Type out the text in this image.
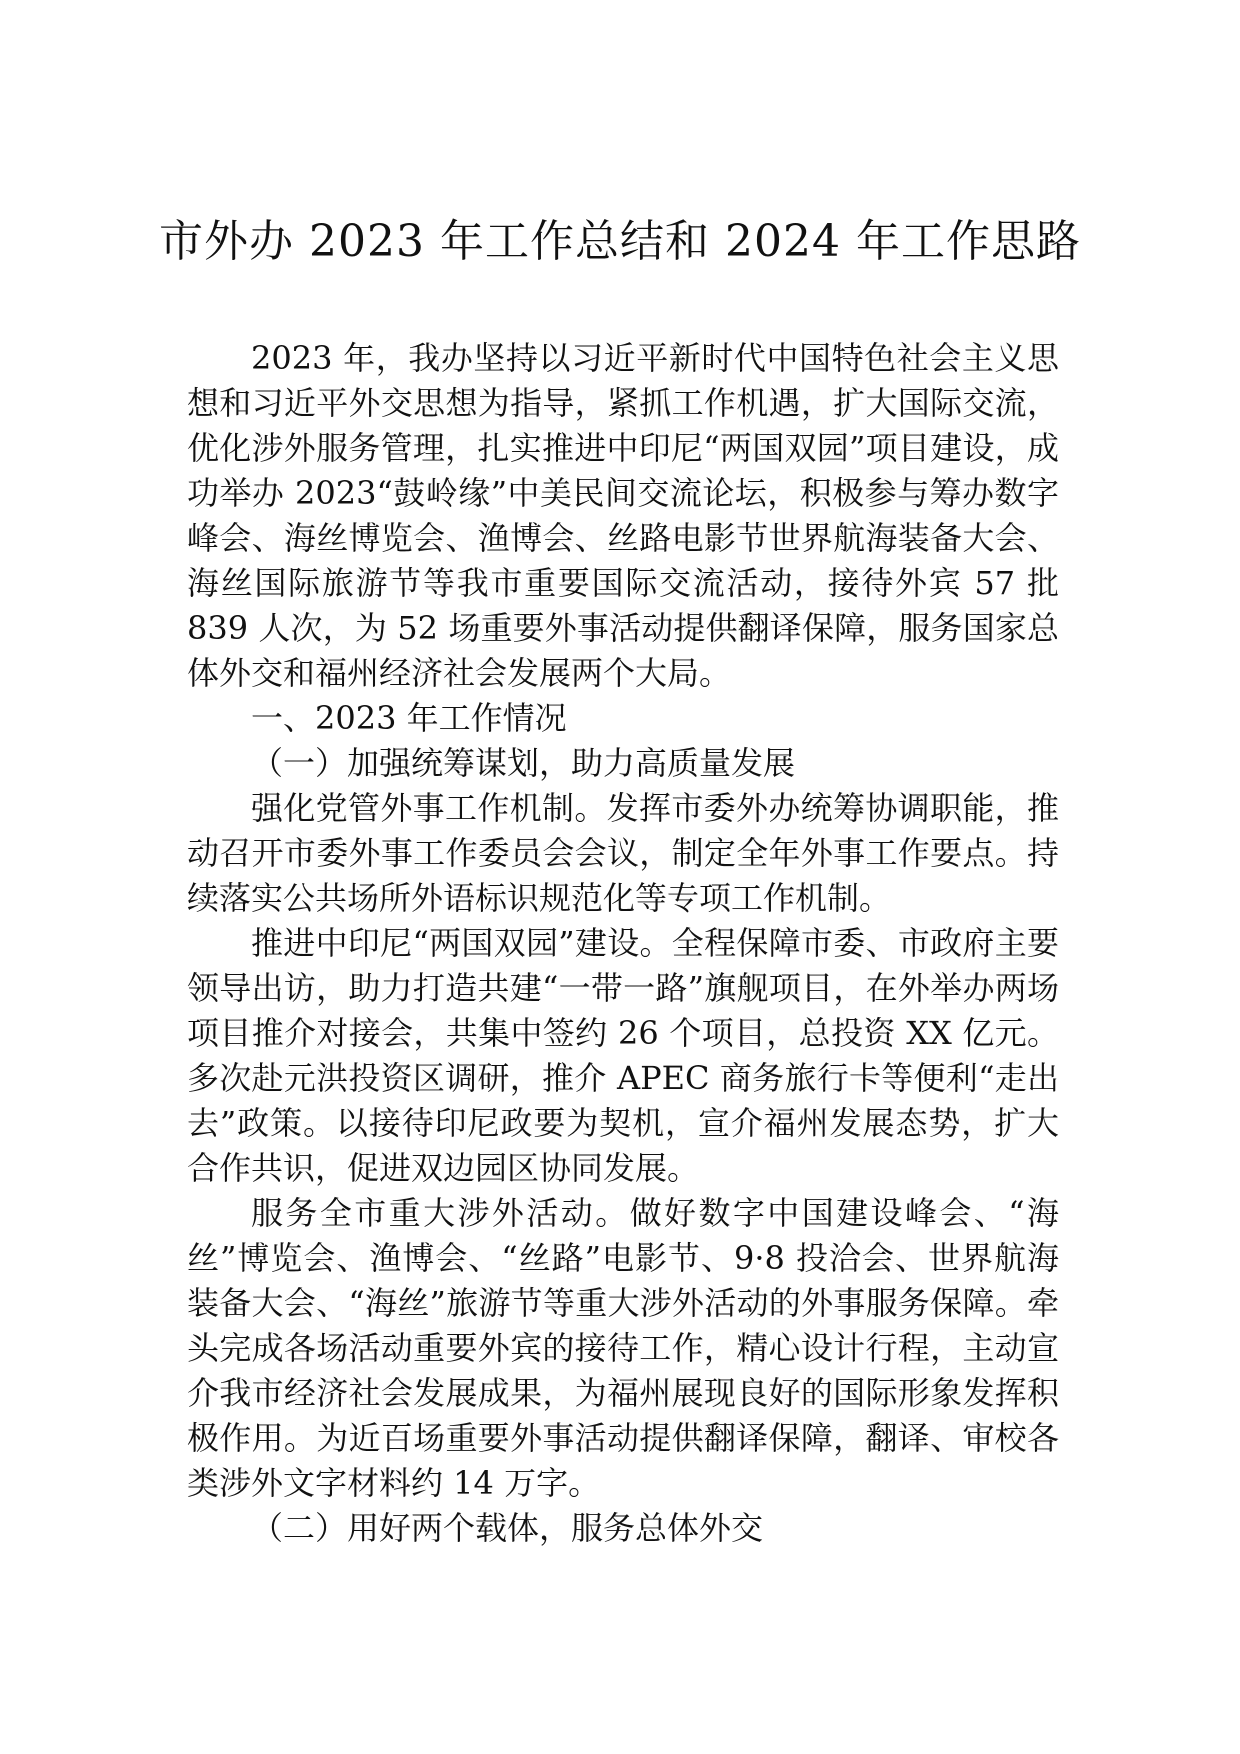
市外办 2023 年工作总结和 2024 年工作思路

2023 年，我办坚持以习近平新时代中国特色社会主义思想和习近平外交思想为指导，紧抓工作机遇，扩大国际交流，优化涉外服务管理，扎实推进中印尼“两国双园”项目建设，成功举办 2023“鼓岭缘”中美民间交流论坛，积极参与筹办数字峰会、海丝博览会、渔博会、丝路电影节世界航海装备大会、海丝国际旅游节等我市重要国际交流活动，接待外宾 57 批 839 人次，为 52 场重要外事活动提供翻译保障，服务国家总体外交和福州经济社会发展两个大局。

一、2023 年工作情况

（一）加强统筹谋划，助力高质量发展

强化党管外事工作机制。发挥市委外办统筹协调职能，推动召开市委外事工作委员会会议，制定全年外事工作要点。持续落实公共场所外语标识规范化等专项工作机制。

推进中印尼“两国双园”建设。全程保障市委、市政府主要领导出访，助力打造共建“一带一路”旗舰项目，在外举办两场项目推介对接会，共集中签约 26 个项目，总投资 XX 亿元。多次赴元洪投资区调研，推介 APEC 商务旅行卡等便利“走出去”政策。以接待印尼政要为契机，宣介福州发展态势，扩大合作共识，促进双边园区协同发展。

服务全市重大涉外活动。做好数字中国建设峰会、“海丝”博览会、渔博会、“丝路”电影节、9·8 投洽会、世界航海装备大会、“海丝”旅游节等重大涉外活动的外事服务保障。牵头完成各场活动重要外宾的接待工作，精心设计行程，主动宣介我市经济社会发展成果，为福州展现良好的国际形象发挥积极作用。为近百场重要外事活动提供翻译保障，翻译、审校各类涉外文字材料约 14 万字。

（二）用好两个载体，服务总体外交
